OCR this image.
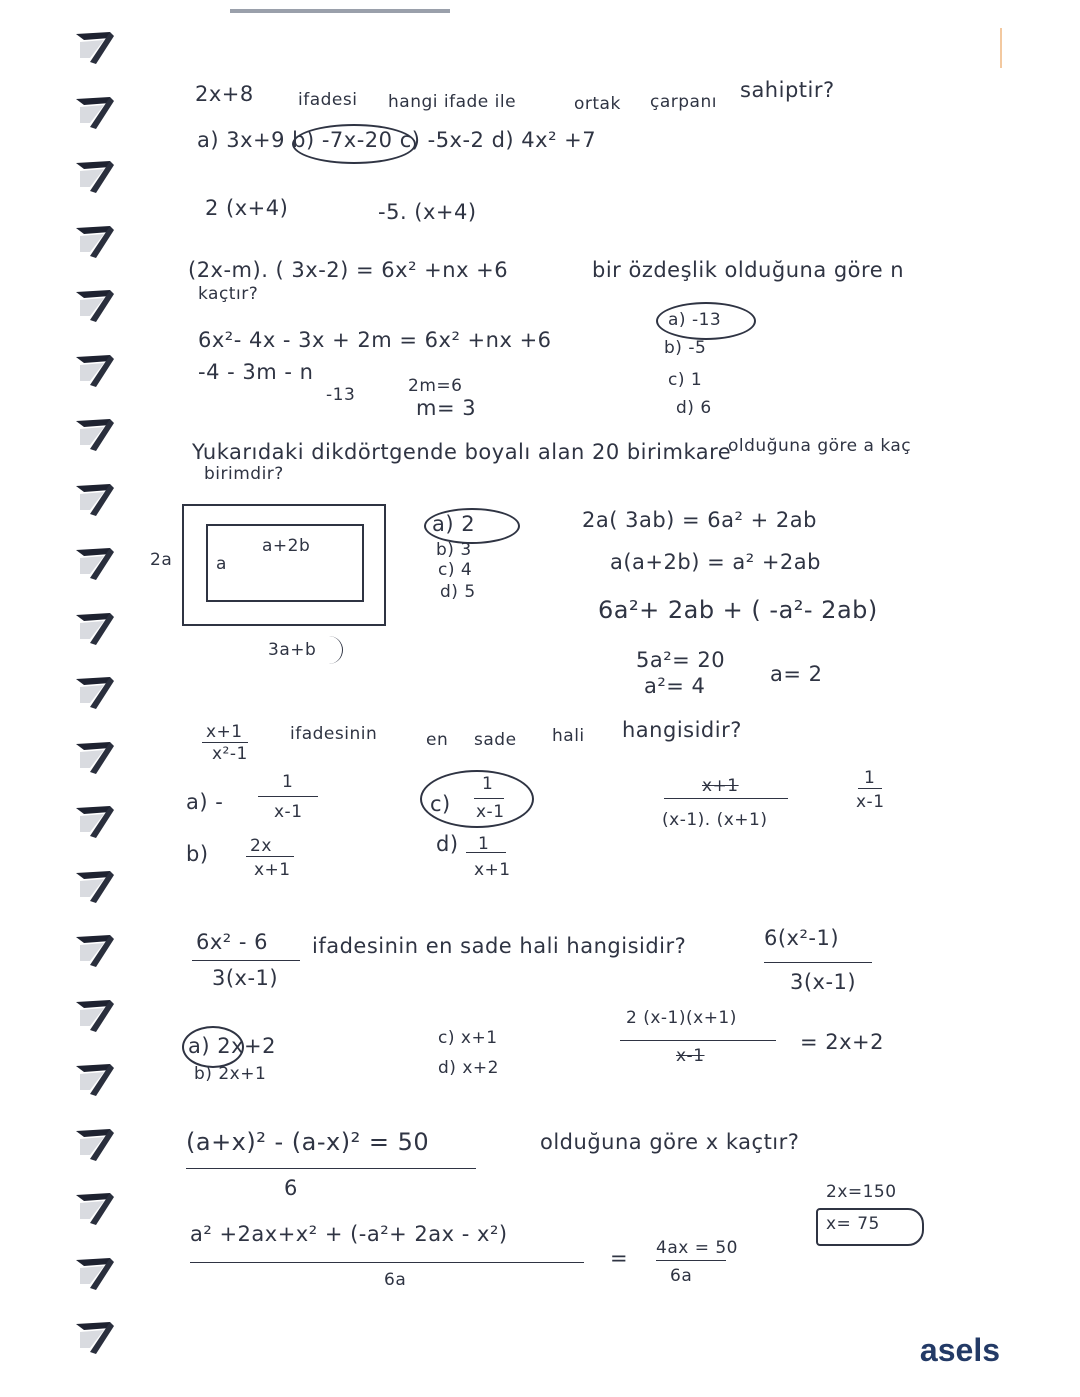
2x+8	ifadesi hangi ifade ile	ortak çarpanı sahiptir?
a) 3x+9 b) -7x-20 c) -5x-2 d) 4x² +7
2 (x+4)	-5. (x+4)
(2x-m). ( 3x-2) = 6x² +nx +6	bir özdeşlik olduğuna göre n
kaçtır?
6x²- 4x - 3x + 2m = 6x² +nx +6
-4 - 3m - n
-13	2m=6
m= 3
a) -13
b) -5
c) 1
d) 6
Yukarıdaki dikdörtgende boyalı alan 20 birimkare
birimdir?
olduğuna göre a kaç
2a	a
a+2b
3a+b
a) 2
b) 3
c) 4
d) 5
2a( 3ab) = 6a² + 2ab
a(a+2b) = a² +2ab
6a²+ 2ab + ( -a²- 2ab)
5a²= 20
a²= 4	a= 2
x+1
x²-1
ifadesinin	en sade hali hangisidir?
a) -
1
x-1
b) 2x
x+1
c)
1
x-1
d) 1
x+1
x+1
(x-1). (x+1)
1
x-1
6x² - 6
3(x-1)
ifadesinin en sade hali hangisidir?	6(x²-1)
3(x-1)
2 (x-1)(x+1)
x-1
= 2x+2
a) 2x+2
b) 2x+1
c) x+1
d) x+2
(a+x)² - (a-x)² = 50
6
olduğuna göre x kaçtır?
a² +2ax+x² + (-a²+ 2ax - x²)
6a
= 4ax = 50
6a
2x=150
x= 75
asels
